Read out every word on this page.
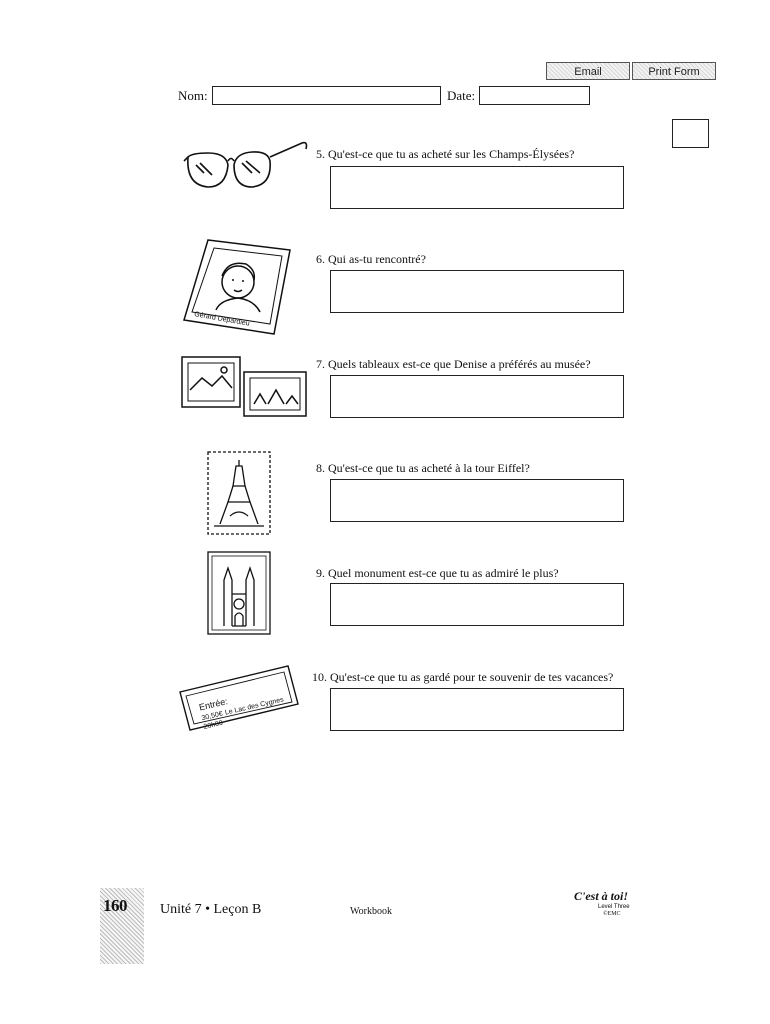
Email	Print Form
Nom:	Date:
5. Qu'est-ce que tu as acheté sur les Champs-Élysées?
Gérard Depardieu
6. Qui as-tu rencontré?
7. Quels tableaux est-ce que Denise a préférés au musée?
8. Qu'est-ce que tu as acheté à la tour Eiffel?
9. Quel monument est-ce que tu as admiré le plus?
Entrée:
30,50€ Le Lac des Cygnes
20h00
10. Qu'est-ce que tu as gardé pour te souvenir de tes vacances?
160 Unité 7 • Leçon B	Workbook
C'est à toi!
Level Three
©EMC
